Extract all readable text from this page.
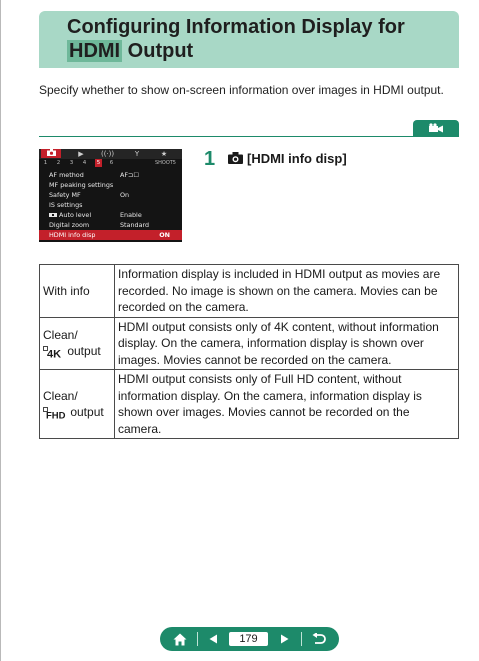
Configuring Information Display for
HDMI Output
Specify whether to show on-screen information over images in HDMI output.
▶	((·))	Y	★
1	2	3	4	5	6	SHOOT5
AF method	AF⊐☐
MF peaking settings
Safety MF	On
IS settings
Auto level	Enable
Digital zoom	Standard
HDMI info disp	ON
1 [HDMI info disp]
With info	Information display is included in HDMI output as movies are recorded. No image is shown on the camera. Movies can be recorded on the camera.

Clean/
4K output	HDMI output consists only of 4K content, without information display. On the camera, information display is shown over images. Movies cannot be recorded on the camera.

Clean/
FHD output	HDMI output consists only of Full HD content, without information display. On the camera, information display is shown over images. Movies cannot be recorded on the camera.
179
